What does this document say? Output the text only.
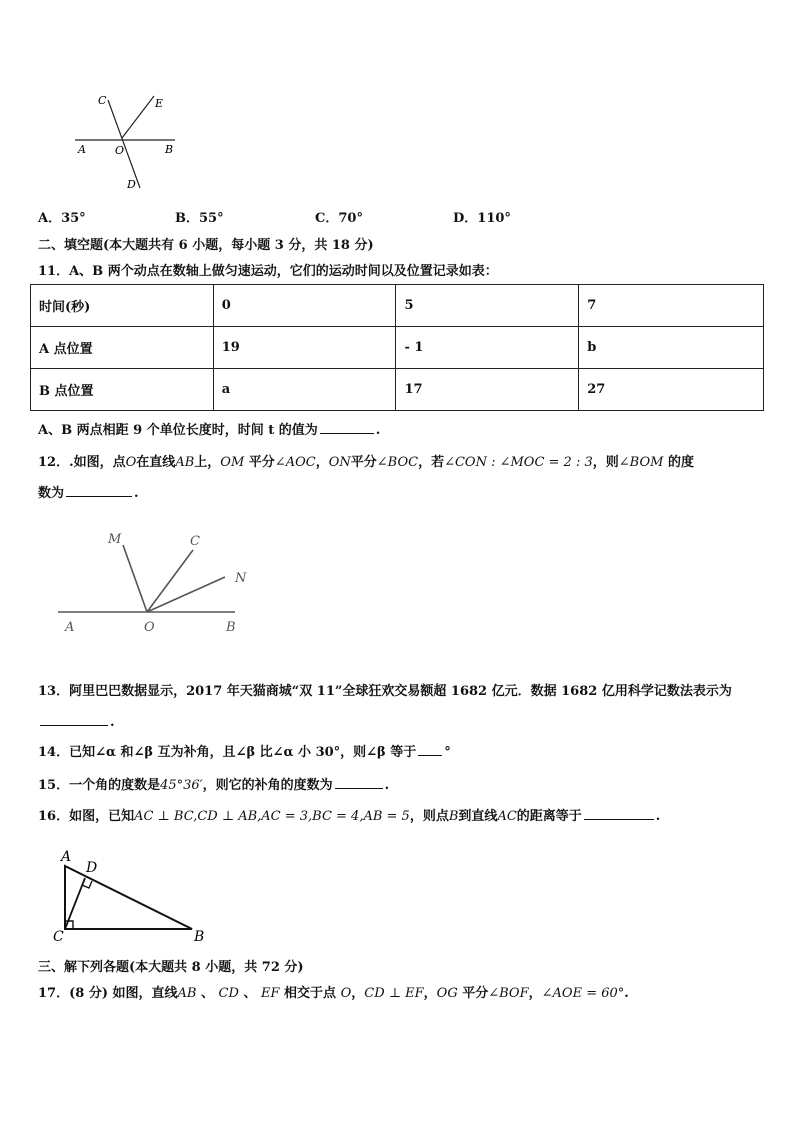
C	E
A	O	B
D
A．35°	B．55°	C．70°	D．110°
二、填空题(本大题共有 6 小题，每小题 3 分，共 18 分)
11．A、B 两个动点在数轴上做匀速运动，它们的运动时间以及位置记录如表：
时间(秒)	0	5	7
A 点位置	19	- 1	b
B 点位置	a	17	27
A、B 两点相距 9 个单位长度时，时间 t 的值为	.
12．.如图，点O在直线AB上，OM 平分∠AOC，ON平分∠BOC，若∠CON : ∠MOC = 2 : 3，则∠BOM 的度
数为	.
M	C
N
A	O	B
13．阿里巴巴数据显示，2017 年天猫商城“双 11”全球狂欢交易额超 1682 亿元．数据 1682 亿用科学记数法表示为
.
14．已知∠α 和∠β 互为补角，且∠β 比∠α 小 30°，则∠β 等于 °
15．一个角的度数是45°36′，则它的补角的度数为	.
16．如图，已知AC ⊥ BC,CD ⊥ AB,AC = 3,BC = 4,AB = 5，则点B到直线AC的距离等于	.
A
D
C	B
三、解下列各题(本大题共 8 小题，共 72 分)
17．(8 分) 如图，直线AB 、 CD 、 EF 相交于点 O，CD ⊥ EF，OG 平分∠BOF，∠AOE = 60°.
